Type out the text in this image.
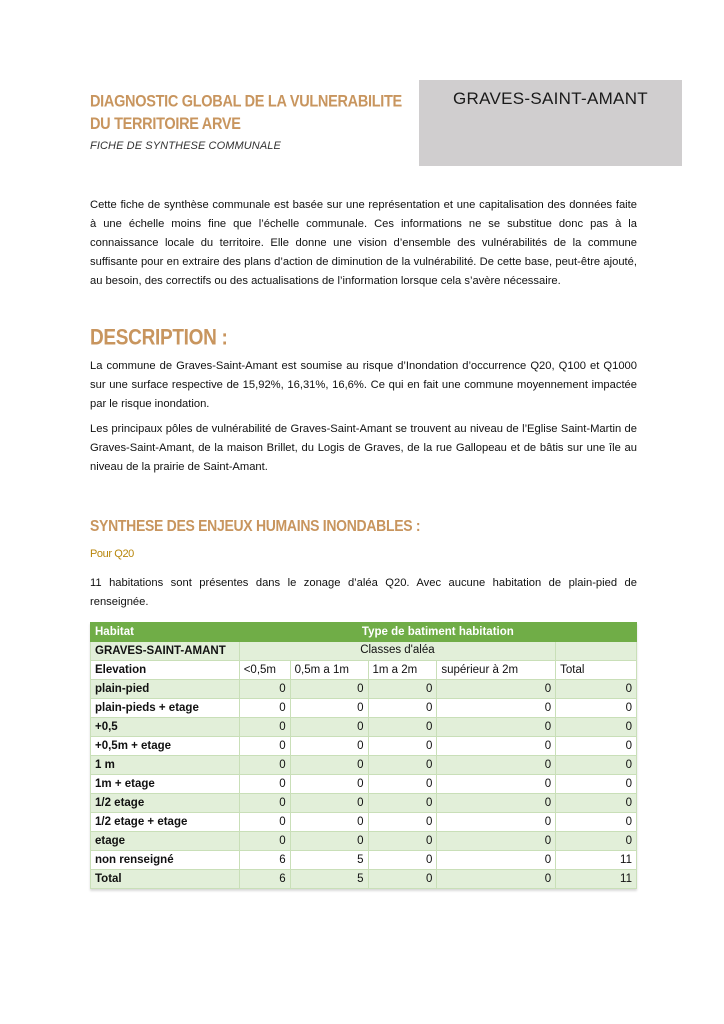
DIAGNOSTIC GLOBAL DE LA VULNERABILITE
DU TERRITOIRE ARVE
FICHE DE SYNTHESE COMMUNALE
GRAVES-SAINT-AMANT
Cette fiche de synthèse communale est basée sur une représentation et une capitalisation des données faite à une échelle moins fine que l’échelle communale. Ces informations ne se substitue donc pas à la connaissance locale du territoire. Elle donne une vision d’ensemble des vulnérabilités de la commune suffisante pour en extraire des plans d’action de diminution de la vulnérabilité. De cette base, peut-être ajouté, au besoin, des correctifs ou des actualisations de l’information lorsque cela s’avère nécessaire.
DESCRIPTION :
La commune de Graves-Saint-Amant est soumise au risque d’Inondation d’occurrence Q20, Q100 et Q1000 sur une surface respective de 15,92%, 16,31%, 16,6%. Ce qui en fait une commune moyennement impactée par le risque inondation.
Les principaux pôles de vulnérabilité de Graves-Saint-Amant se trouvent au niveau de l’Eglise Saint-Martin de Graves-Saint-Amant, de la maison Brillet, du Logis de Graves, de la rue Gallopeau et de bâtis sur une île au niveau de la prairie de Saint-Amant.
SYNTHESE DES ENJEUX HUMAINS INONDABLES :
Pour Q20
11 habitations sont présentes dans le zonage d’aléa Q20. Avec aucune habitation de plain-pied de renseignée.
Habitat	Type de batiment habitation				
GRAVES-SAINT-AMANT	Classes d'aléa				
Elevation	<0,5m	0,5m a 1m	1m a 2m	supérieur à 2m	Total
plain-pied	0	0	0	0	0
plain-pieds + etage	0	0	0	0	0
+0,5	0	0	0	0	0
+0,5m + etage	0	0	0	0	0
1 m	0	0	0	0	0
1m + etage	0	0	0	0	0
1/2 etage	0	0	0	0	0
1/2 etage + etage	0	0	0	0	0
etage	0	0	0	0	0
non renseigné	6	5	0	0	11
Total	6	5	0	0	11
